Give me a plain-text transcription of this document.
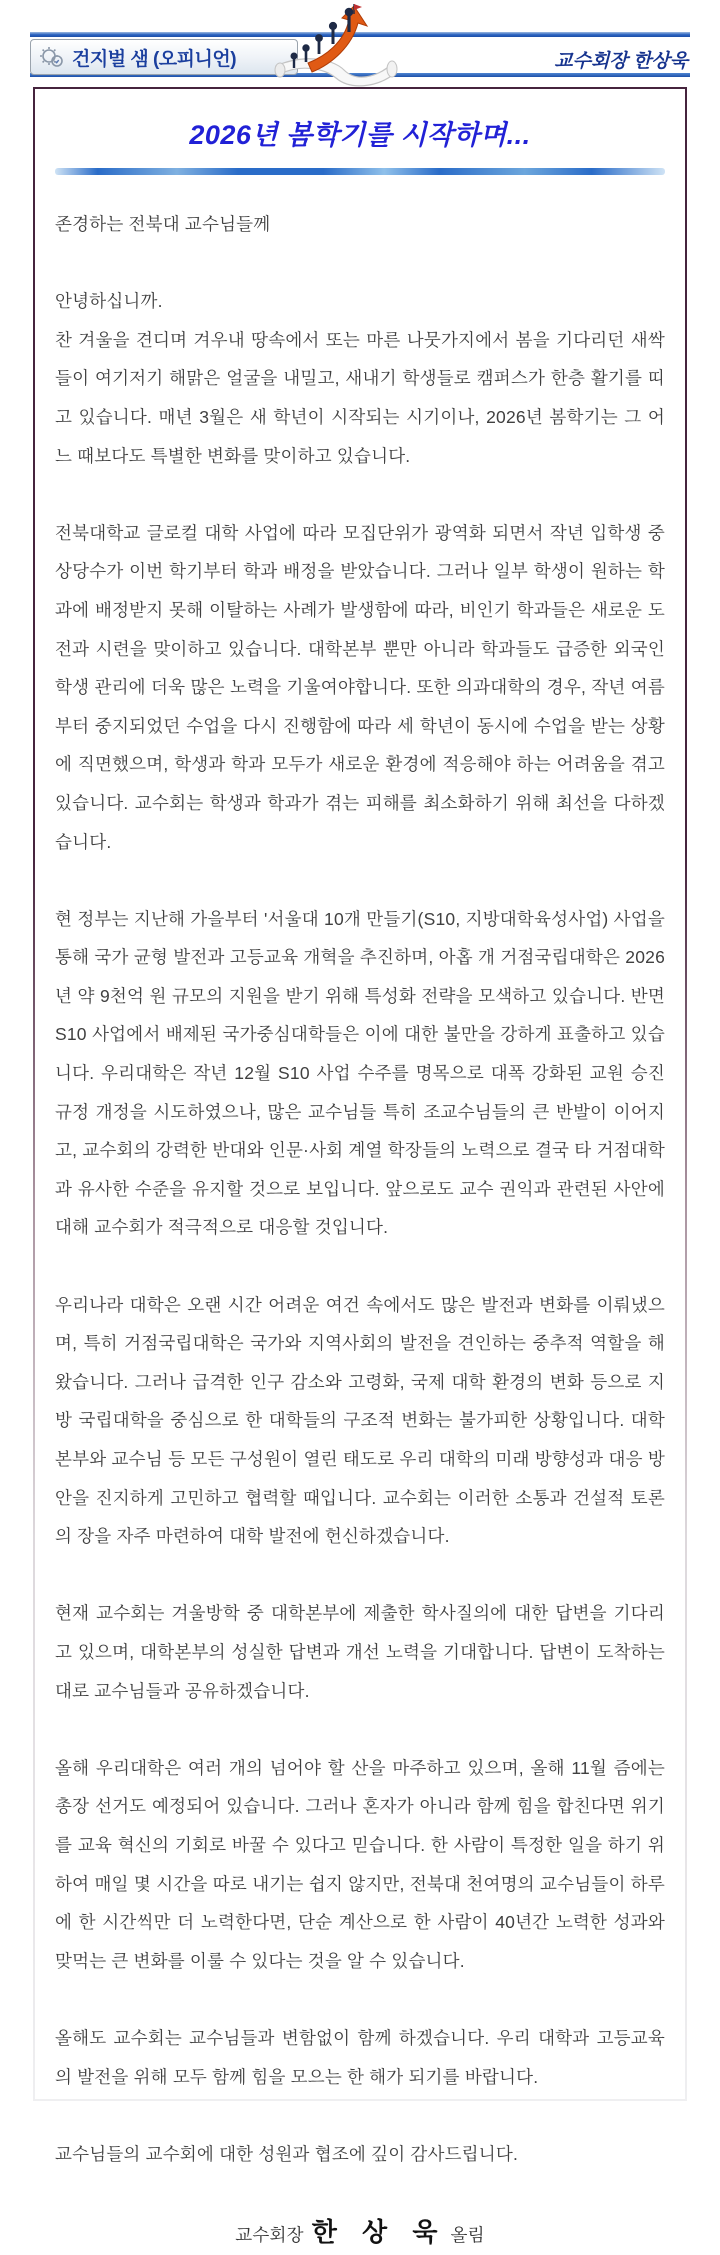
건지벌 샘 (오피니언)	교수회장 한상욱
2026년 봄학기를 시작하며...

존경하는 전북대 교수님들께

안녕하십니까.

찬 겨울을 견디며 겨우내 땅속에서 또는 마른 나뭇가지에서 봄을 기다리던 새싹들이 여기저기 해맑은 얼굴을 내밀고, 새내기 학생들로 캠퍼스가 한층 활기를 띠고 있습니다. 매년 3월은 새 학년이 시작되는 시기이나, 2026년 봄학기는 그 어느 때보다도 특별한 변화를 맞이하고 있습니다.

전북대학교 글로컬 대학 사업에 따라 모집단위가 광역화 되면서 작년 입학생 중 상당수가 이번 학기부터 학과 배정을 받았습니다. 그러나 일부 학생이 원하는 학과에 배정받지 못해 이탈하는 사례가 발생함에 따라, 비인기 학과들은 새로운 도전과 시련을 맞이하고 있습니다. 대학본부 뿐만 아니라 학과들도 급증한 외국인 학생 관리에 더욱 많은 노력을 기울여야합니다. 또한 의과대학의 경우, 작년 여름부터 중지되었던 수업을 다시 진행함에 따라 세 학년이 동시에 수업을 받는 상황에 직면했으며, 학생과 학과 모두가 새로운 환경에 적응해야 하는 어려움을 겪고 있습니다. 교수회는 학생과 학과가 겪는 피해를 최소화하기 위해 최선을 다하겠습니다.

현 정부는 지난해 가을부터 '서울대 10개 만들기(S10, 지방대학육성사업) 사업을 통해 국가 균형 발전과 고등교육 개혁을 추진하며, 아홉 개 거점국립대학은 2026년 약 9천억 원 규모의 지원을 받기 위해 특성화 전략을 모색하고 있습니다. 반면 S10 사업에서 배제된 국가중심대학들은 이에 대한 불만을 강하게 표출하고 있습니다. 우리대학은 작년 12월 S10 사업 수주를 명목으로 대폭 강화된 교원 승진 규정 개정을 시도하였으나, 많은 교수님들 특히 조교수님들의 큰 반발이 이어지고, 교수회의 강력한 반대와 인문·사회 계열 학장들의 노력으로 결국 타 거점대학과 유사한 수준을 유지할 것으로 보입니다. 앞으로도 교수 권익과 관련된 사안에 대해 교수회가 적극적으로 대응할 것입니다.

우리나라 대학은 오랜 시간 어려운 여건 속에서도 많은 발전과 변화를 이뤄냈으며, 특히 거점국립대학은 국가와 지역사회의 발전을 견인하는 중추적 역할을 해왔습니다. 그러나 급격한 인구 감소와 고령화, 국제 대학 환경의 변화 등으로 지방 국립대학을 중심으로 한 대학들의 구조적 변화는 불가피한 상황입니다. 대학본부와 교수님 등 모든 구성원이 열린 태도로 우리 대학의 미래 방향성과 대응 방안을 진지하게 고민하고 협력할 때입니다. 교수회는 이러한 소통과 건설적 토론의 장을 자주 마련하여 대학 발전에 헌신하겠습니다.

현재 교수회는 겨울방학 중 대학본부에 제출한 학사질의에 대한 답변을 기다리고 있으며, 대학본부의 성실한 답변과 개선 노력을 기대합니다. 답변이 도착하는 대로 교수님들과 공유하겠습니다.

올해 우리대학은 여러 개의 넘어야 할 산을 마주하고 있으며, 올해 11월 즘에는 총장 선거도 예정되어 있습니다. 그러나 혼자가 아니라 함께 힘을 합친다면 위기를 교육 혁신의 기회로 바꿀 수 있다고 믿습니다. 한 사람이 특정한 일을 하기 위하여 매일 몇 시간을 따로 내기는 쉽지 않지만, 전북대 천여명의 교수님들이 하루에 한 시간씩만 더 노력한다면, 단순 계산으로 한 사람이 40년간 노력한 성과와 맞먹는 큰 변화를 이룰 수 있다는 것을 알 수 있습니다.

올해도 교수회는 교수님들과 변함없이 함께 하겠습니다. 우리 대학과 고등교육의 발전을 위해 모두 함께 힘을 모으는 한 해가 되기를 바랍니다.

교수님들의 교수회에 대한 성원과 협조에 깊이 감사드립니다.

교수회장 한 상 욱 올림
